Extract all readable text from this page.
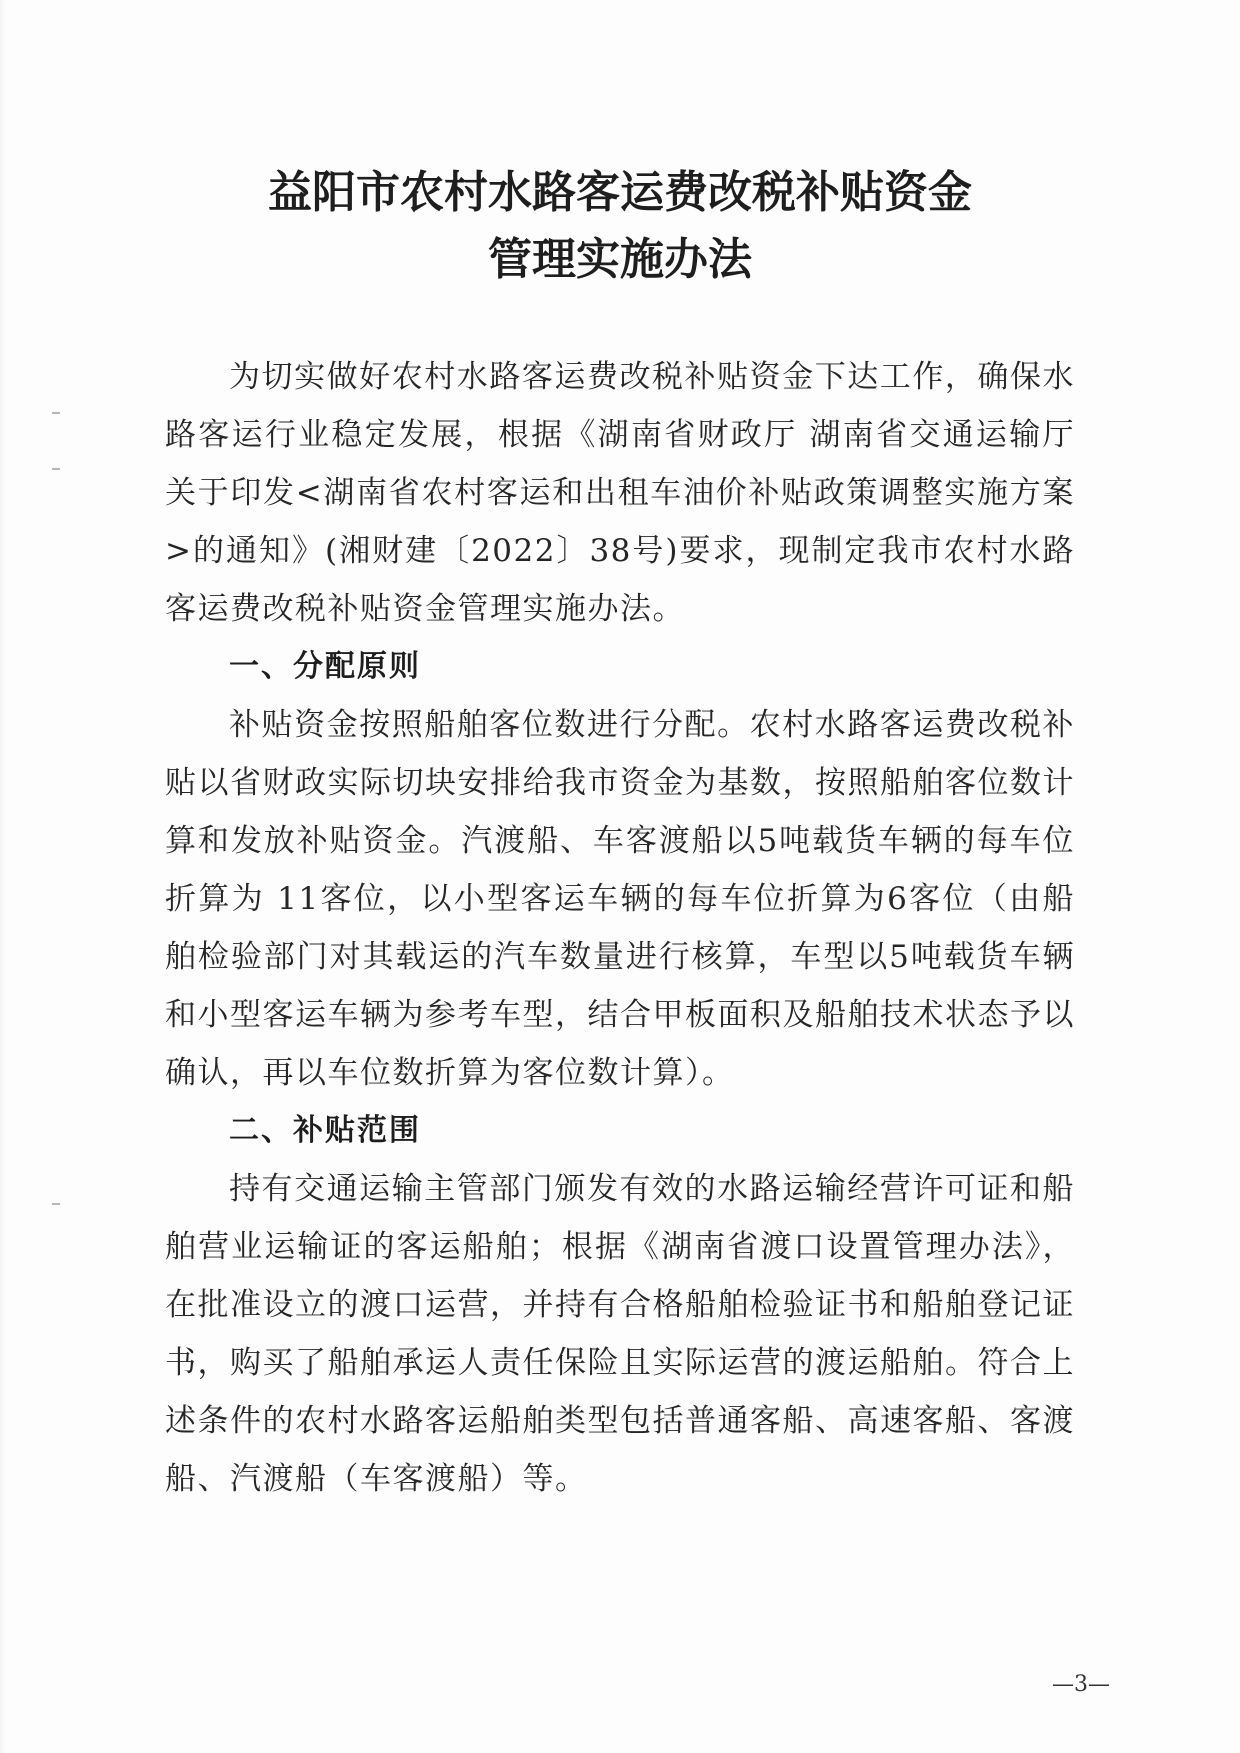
益阳市农村水路客运费改税补贴资金
管理实施办法

为切实做好农村水路客运费改税补贴资金下达工作，确保水路客运行业稳定发展，根据《湖南省财政厅 湖南省交通运输厅关于印发<湖南省农村客运和出租车油价补贴政策调整实施方案>的通知》(湘财建〔2022〕38号)要求，现制定我市农村水路客运费改税补贴资金管理实施办法。

一、分配原则

补贴资金按照船舶客位数进行分配。农村水路客运费改税补贴以省财政实际切块安排给我市资金为基数，按照船舶客位数计算和发放补贴资金。汽渡船、车客渡船以5吨载货车辆的每车位折算为 11客位，以小型客运车辆的每车位折算为6客位（由船舶检验部门对其载运的汽车数量进行核算，车型以5吨载货车辆和小型客运车辆为参考车型，结合甲板面积及船舶技术状态予以确认，再以车位数折算为客位数计算）。

二、补贴范围

持有交通运输主管部门颁发有效的水路运输经营许可证和船舶营业运输证的客运船舶；根据《湖南省渡口设置管理办法》，在批准设立的渡口运营，并持有合格船舶检验证书和船舶登记证书，购买了船舶承运人责任保险且实际运营的渡运船舶。符合上述条件的农村水路客运船舶类型包括普通客船、高速客船、客渡船、汽渡船（车客渡船）等。

—3—
